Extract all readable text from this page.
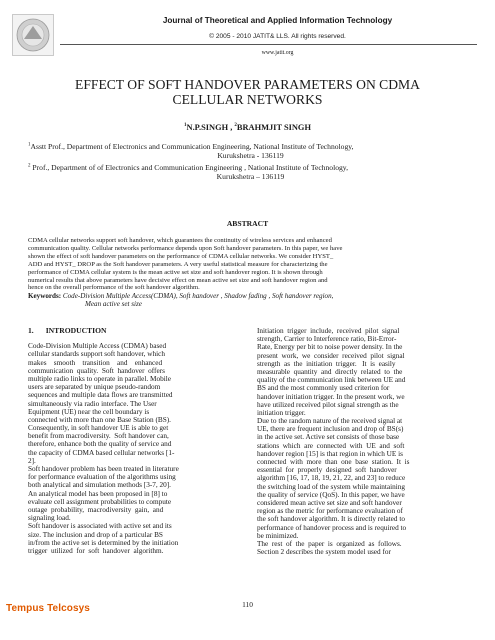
Journal of Theoretical and Applied Information Technology
© 2005 - 2010 JATIT& LLS. All rights reserved.
www.jatit.org
EFFECT OF SOFT HANDOVER PARAMETERS ON CDMA
CELLULAR NETWORKS
$^1$N.P.SINGH , $^2$BRAHMJIT SINGH
$^1$Asstt Prof., Department of Electronics and Communication Engineering, National Institute of Technology,
Kurukshetra - 136119
$^2$ Prof., Department of of Electronics and Communication Engineering , National Institute of Technology,
Kurukshetra – 136119
ABSTRACT
CDMA cellular networks support soft handover, which guarantees the continuity of wireless services and enhanced
communication quality. Cellular networks performance depends upon Soft handover parameters. In this paper, we have
shown the effect of soft handover parameters on the performance of CDMA cellular networks. We consider HYST_
ADD and HYST_ DROP as the Soft handover parameters. A very useful statistical measure for characterizing the
performance of CDMA cellular system is the mean active set size and soft handover region. It is shown through
numerical results that above parameters have decisive effect on mean active set size and soft handover region and
hence on the overall performance of the soft handover algorithm.
Keywords: Code-Division Multiple Access(CDMA), Soft handover , Shadow fading , Soft handover region,
Mean active set size
1. INTRODUCTION
Code-Division Multiple Access (CDMA) based
cellular standards support soft handover, which
makes    smooth    transition    and    enhanced
communication  quality.  Soft  handover  offers
multiple radio links to operate in parallel. Mobile
users are separated by unique pseudo-random
sequences and multiple data flows are transmitted
simultaneously via radio interface. The User
Equipment (UE) near the cell boundary is
connected with more than one Base Station (BS).
Consequently, in soft handover UE is able to get
benefit from macrodiversity.  Soft handover can,
therefore, enhance both the quality of service and
the capacity of CDMA based cellular networks [1-
2].
Soft handover problem has been treated in literature
for performance evaluation of the algorithms using
both analytical and simulation methods [3-7, 20].
An analytical model has been proposed in [8] to
evaluate cell assignment probabilities to compute
outage  probability,  macrodiversity  gain,  and
signaling load.
Soft handover is associated with active set and its
size. The inclusion and drop of a particular BS
in/from the active set is determined by the initiation
trigger  utilized  for  soft  handover  algorithm.
Initiation  trigger  include,  received  pilot  signal
strength, Carrier to Interference ratio, Bit-Error-
Rate, Energy per bit to noise power density. In the
present  work,  we  consider  received  pilot  signal
strength  as  the  initiation  trigger.   It  is  easily
measurable  quantity  and  directly  related  to  the
quality of the communication link between UE and
BS and the most commonly used criterion for
handover initiation trigger. In the present work, we
have utilized received pilot signal strength as the
initiation trigger.
Due to the random nature of the received signal at
UE, there are frequent inclusion and drop of BS(s)
in the active set. Active set consists of those base
stations  which  are  connected  with  UE  and  soft
handover region [15] is that region in which UE is
connected  with  more  than  one  base  station.  It  is
essential  for  properly  designed  soft  handover
algorithm [16, 17, 18, 19, 21, 22, and 23] to reduce
the switching load of the system while maintaining
the quality of service (QoS). In this paper, we have
considered mean active set size and soft handover
region as the metric for performance evaluation of
the soft handover algorithm. It is directly related to
performance of handover process and is required to
be minimized.
The  rest  of  the  paper  is  organized  as  follows.
Section 2 describes the system model used for
Tempus Telcosys	110
